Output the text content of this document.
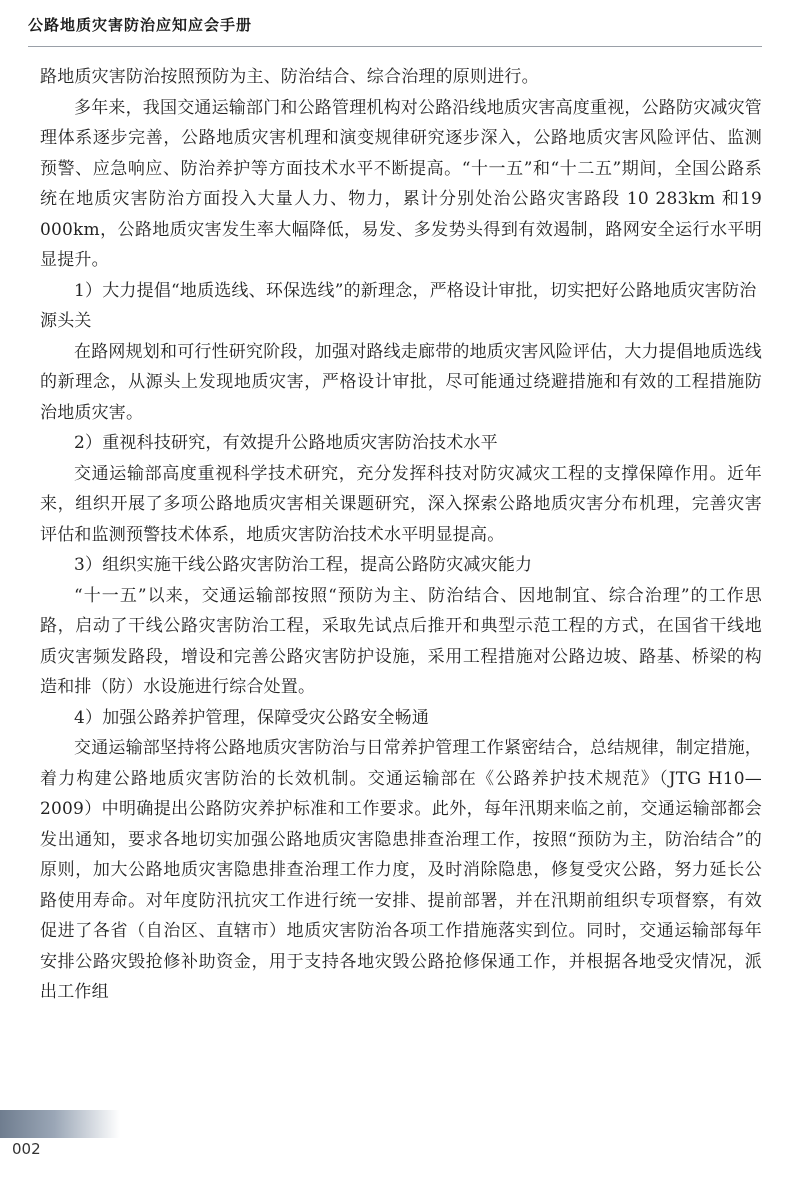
公路地质灾害防治应知应会手册

路地质灾害防治按照预防为主、防治结合、综合治理的原则进行。

多年来，我国交通运输部门和公路管理机构对公路沿线地质灾害高度重视，公路防灾减灾管理体系逐步完善，公路地质灾害机理和演变规律研究逐步深入，公路地质灾害风险评估、监测预警、应急响应、防治养护等方面技术水平不断提高。“十一五”和“十二五”期间，全国公路系统在地质灾害防治方面投入大量人力、物力，累计分别处治公路灾害路段 10 283km 和19 000km，公路地质灾害发生率大幅降低，易发、多发势头得到有效遏制，路网安全运行水平明显提升。

1）大力提倡“地质选线、环保选线”的新理念，严格设计审批，切实把好公路地质灾害防治源头关

在路网规划和可行性研究阶段，加强对路线走廊带的地质灾害风险评估，大力提倡地质选线的新理念，从源头上发现地质灾害，严格设计审批，尽可能通过绕避措施和有效的工程措施防治地质灾害。

2）重视科技研究，有效提升公路地质灾害防治技术水平

交通运输部高度重视科学技术研究，充分发挥科技对防灾减灾工程的支撑保障作用。近年来，组织开展了多项公路地质灾害相关课题研究，深入探索公路地质灾害分布机理，完善灾害评估和监测预警技术体系，地质灾害防治技术水平明显提高。

3）组织实施干线公路灾害防治工程，提高公路防灾减灾能力

“十一五”以来，交通运输部按照“预防为主、防治结合、因地制宜、综合治理”的工作思路，启动了干线公路灾害防治工程，采取先试点后推开和典型示范工程的方式，在国省干线地质灾害频发路段，增设和完善公路灾害防护设施，采用工程措施对公路边坡、路基、桥梁的构造和排（防）水设施进行综合处置。

4）加强公路养护管理，保障受灾公路安全畅通

交通运输部坚持将公路地质灾害防治与日常养护管理工作紧密结合，总结规律，制定措施，着力构建公路地质灾害防治的长效机制。交通运输部在《公路养护技术规范》（JTG H10—2009）中明确提出公路防灾养护标准和工作要求。此外，每年汛期来临之前，交通运输部都会发出通知，要求各地切实加强公路地质灾害隐患排查治理工作，按照“预防为主，防治结合”的原则，加大公路地质灾害隐患排查治理工作力度，及时消除隐患，修复受灾公路，努力延长公路使用寿命。对年度防汛抗灾工作进行统一安排、提前部署，并在汛期前组织专项督察，有效促进了各省（自治区、直辖市）地质灾害防治各项工作措施落实到位。同时，交通运输部每年安排公路灾毁抢修补助资金，用于支持各地灾毁公路抢修保通工作，并根据各地受灾情况，派出工作组

002
